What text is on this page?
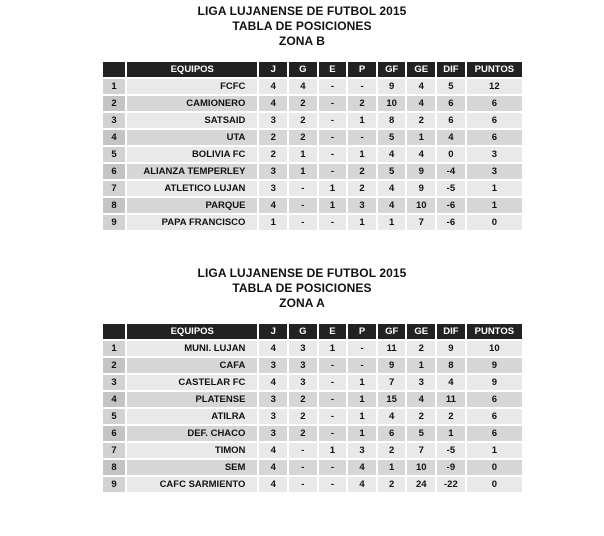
LIGA LUJANENSE DE FUTBOL 2015
TABLA DE POSICIONES
ZONA B
	EQUIPOS	J	G	E	P	GF	GE	DIF	PUNTOS
1	FCFC	4	4	-	-	9	4	5	12
2	CAMIONERO	4	2	-	2	10	4	6	6
3	SATSAID	3	2	-	1	8	2	6	6
4	UTA	2	2	-	-	5	1	4	6
5	BOLIVIA FC	2	1	-	1	4	4	0	3
6	ALIANZA TEMPERLEY	3	1	-	2	5	9	-4	3
7	ATLETICO LUJAN	3	-	1	2	4	9	-5	1
8	PARQUE	4	-	1	3	4	10	-6	1
9	PAPA FRANCISCO	1	-	-	1	1	7	-6	0
LIGA LUJANENSE DE FUTBOL 2015
TABLA DE POSICIONES
ZONA A
	EQUIPOS	J	G	E	P	GF	GE	DIF	PUNTOS
1	MUNI. LUJAN	4	3	1	-	11	2	9	10
2	CAFA	3	3	-	-	9	1	8	9
3	CASTELAR FC	4	3	-	1	7	3	4	9
4	PLATENSE	3	2	-	1	15	4	11	6
5	ATILRA	3	2	-	1	4	2	2	6
6	DEF. CHACO	3	2	-	1	6	5	1	6
7	TIMON	4	-	1	3	2	7	-5	1
8	SEM	4	-	-	4	1	10	-9	0
9	CAFC SARMIENTO	4	-	-	4	2	24	-22	0
